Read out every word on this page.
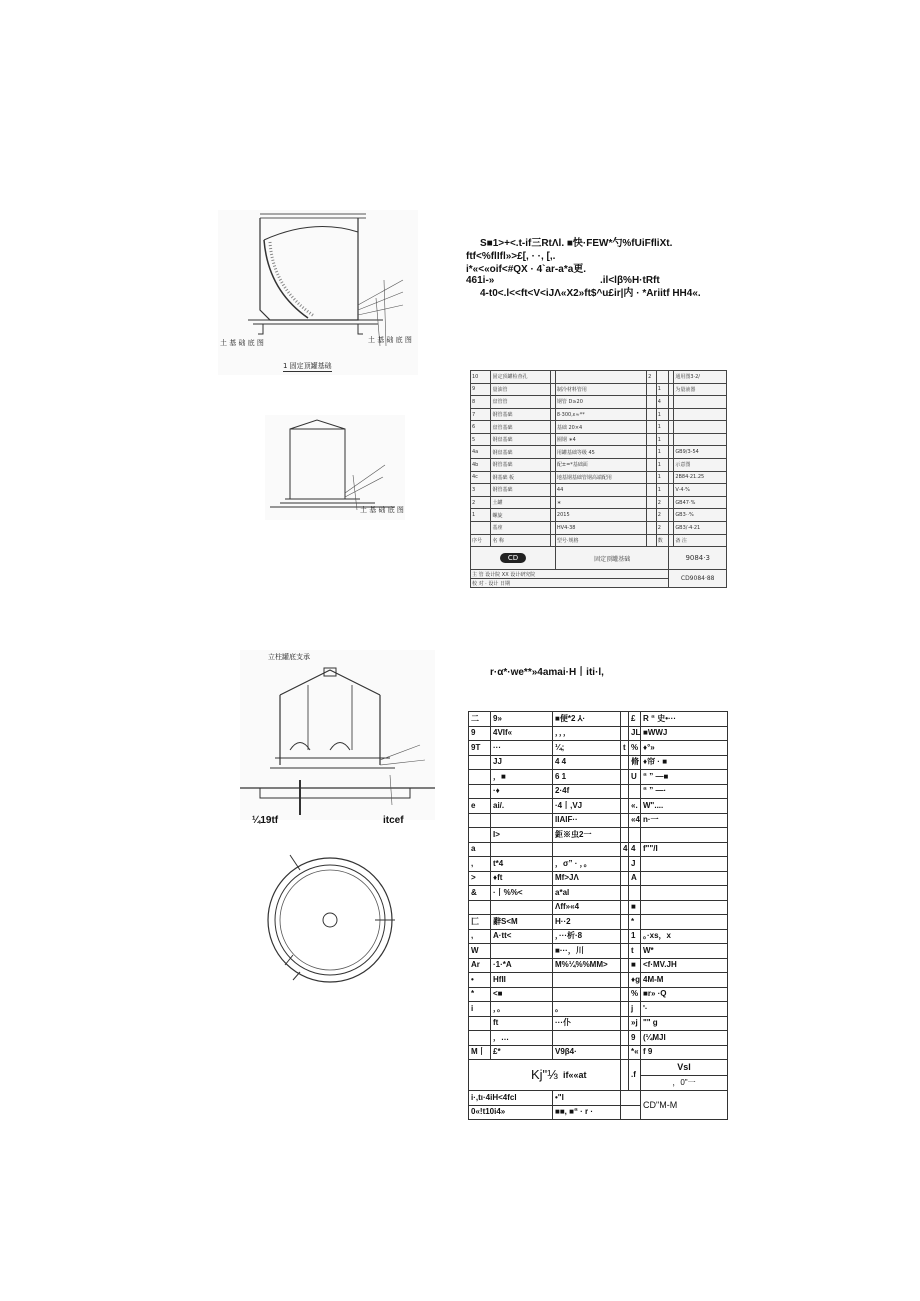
土 基 础 底 图	土 基 础 底 图
1 固定顶罐基础
土 基 础 底 图
立柱罐底支承
¼19tf	itcef
S■1>+<.t-if三RtΛl. ■快·FEW*勺%fUiFfliXt.
ftf<%flIfl»>£[, · ·, [,.
i*«<«oif<#QX · 4`ar-a*a更.
461i-»	.il<lβ%H·tRft
4-t0<.l<<ft<V<iJΛ«X2»ft$^u£ir|内 · *Ariitf HH4«.
10	固定顶罐检查孔			2			通用图3·2/
9	量油管		制冷材料管用		1		为量液器
8	盘管管		钢管 D≥20		4		
7	钢管基础		8·300,ε≈**		1		
6	盘管基础		基础 20×4		1		
5	钢盘基础		圈钢 ∗4		1		
4a	钢盘基础		用罐基础等级 45		1		GB9/3-54
4b	钢管基础		配±=*基础面		1		示意图
4c	钢基础 板		地基钢基础管钢高端配用		1		2B84·21.25
3	钢管基础		44		1		V·4·%
2	土罐		∗		2		GB47·%
1	螺旋		2015		2		GB3··%
	基座		HV4-38		2		GB3/·4·21
序号	名 称		型号·规格		数		备 注
CD			固定顶罐基础			9084·3	
主 管 设计院 XX 设计研究院						CD9084·88	
校 对 · 设计 日期							
r·α*·we**»4amai·H丨iti·l,
二	9»	■便*2 ⅄·		£	R “ 史•···
9	4VIf«	，，，		JL	■WWJ
9T	···	¼;	t	%	♦°»
	JJ	4 4		脩	♦帘 · ■
	，■	6 1		U	“ ” —■
	·♦	2·4f			“ ” —·
e	ai/.	·4丨,VJ		«.	W"....
		IIAIF··		«4	n·一
	I>	鉅※虫2一			
a			4	4	f""/I
,	t*4	，σ” · ，。		J	
>	♦ft	Mf>JΛ		A	
&	·丨%%<	a*al			
		Λff»«4		■	
匚	辭S<M	H··2		*	
,	A·tt<	，···析·8		1	。·xs，x
W		■···，川		t	W*
Ar	·1·*A	M%¼%%MM>		■	<f·MV.JH
•	HfII			♦g	4M-M
*	<■			%	■r» ·Q
i	，。	。		j	'·
	ft	···仆		»j	"" g
	，…			9	(¼MJI
M丨	£*	V9β4·		*«	f 9
Kj"⅓			if««at	.f	Vsl
					，0"一
i·,tι·4iH<4fcl		•"I			CD"M-M
0«!t10i4»		■■, ■“ · r ·			
